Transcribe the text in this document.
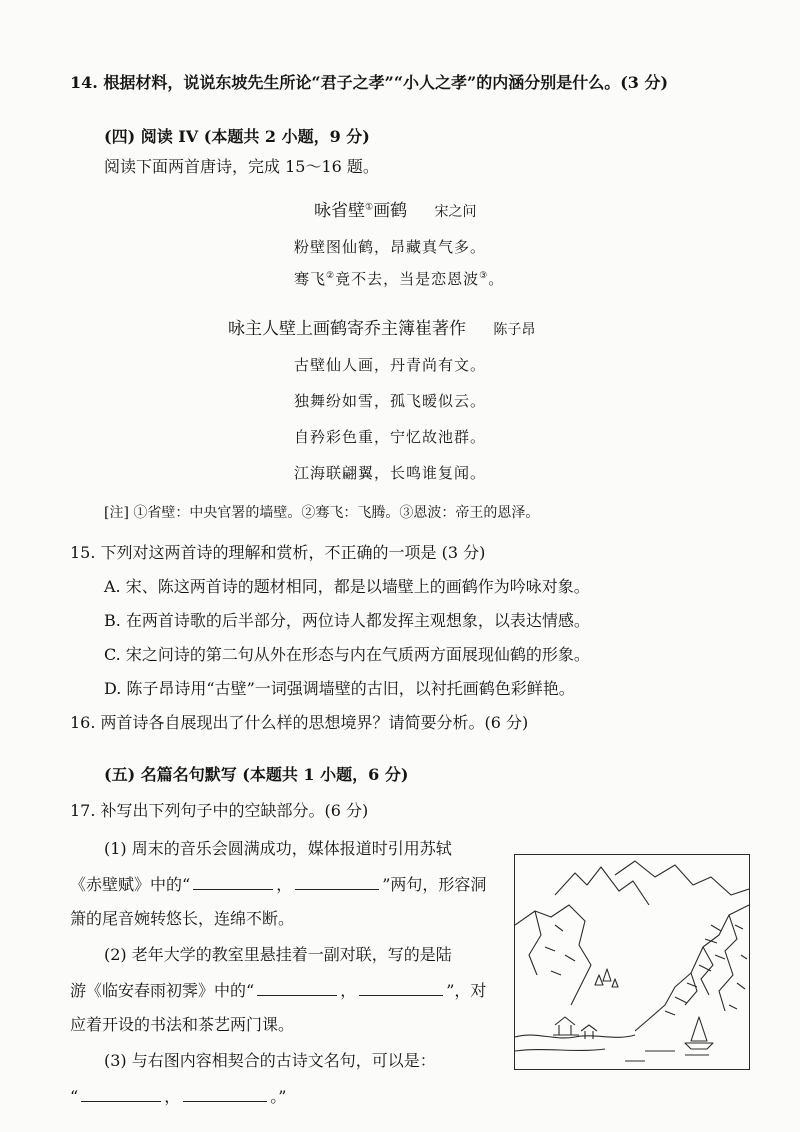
14. 根据材料，说说东坡先生所论“君子之孝”“小人之孝”的内涵分别是什么。(3 分)
(四) 阅读 IV (本题共 2 小题，9 分)
阅读下面两首唐诗，完成 15～16 题。
咏省壁①画鹤 宋之问
粉壁图仙鹤，昂藏真气多。
骞飞②竟不去，当是恋恩波③。
咏主人壁上画鹤寄乔主簿崔著作 陈子昂
古壁仙人画，丹青尚有文。
独舞纷如雪，孤飞暧似云。
自矜彩色重，宁忆故池群。
江海联翩翼，长鸣谁复闻。
[注] ①省壁：中央官署的墙壁。②骞飞：飞腾。③恩波：帝王的恩泽。
15. 下列对这两首诗的理解和赏析，不正确的一项是 (3 分)
A. 宋、陈这两首诗的题材相同，都是以墙壁上的画鹤作为吟咏对象。
B. 在两首诗歌的后半部分，两位诗人都发挥主观想象，以表达情感。
C. 宋之问诗的第二句从外在形态与内在气质两方面展现仙鹤的形象。
D. 陈子昂诗用“古壁”一词强调墙壁的古旧，以衬托画鹤色彩鲜艳。
16. 两首诗各自展现出了什么样的思想境界？请简要分析。(6 分)
(五) 名篇名句默写 (本题共 1 小题，6 分)
17. 补写出下列句子中的空缺部分。(6 分)
(1) 周末的音乐会圆满成功，媒体报道时引用苏轼
《赤壁赋》中的“	，	”两句，形容洞
箫的尾音婉转悠长，连绵不断。
(2) 老年大学的教室里悬挂着一副对联，写的是陆
游《临安春雨初霁》中的“	，	”，对
应着开设的书法和茶艺两门课。
(3) 与右图内容相契合的古诗文名句，可以是：
“	，	。”
